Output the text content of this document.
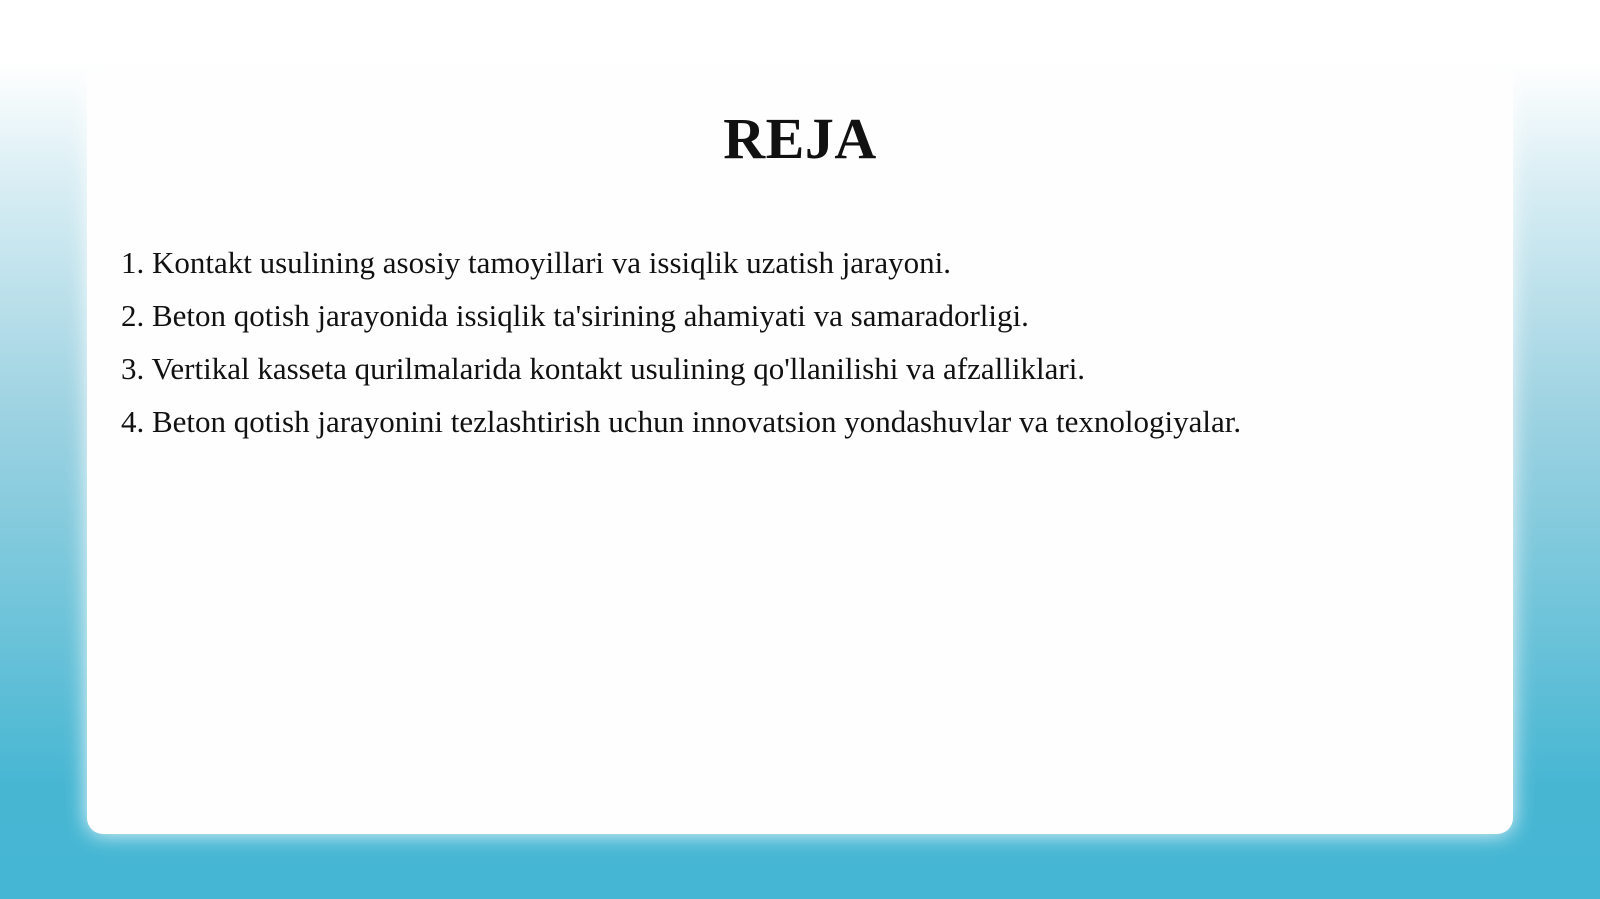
REJA
1. Kontakt usulining asosiy tamoyillari va issiqlik uzatish jarayoni.
2. Beton qotish jarayonida issiqlik ta'sirining ahamiyati va samaradorligi.
3. Vertikal kasseta qurilmalarida kontakt usulining qo'llanilishi va afzalliklari.
4. Beton qotish jarayonini tezlashtirish uchun innovatsion yondashuvlar va texnologiyalar.
